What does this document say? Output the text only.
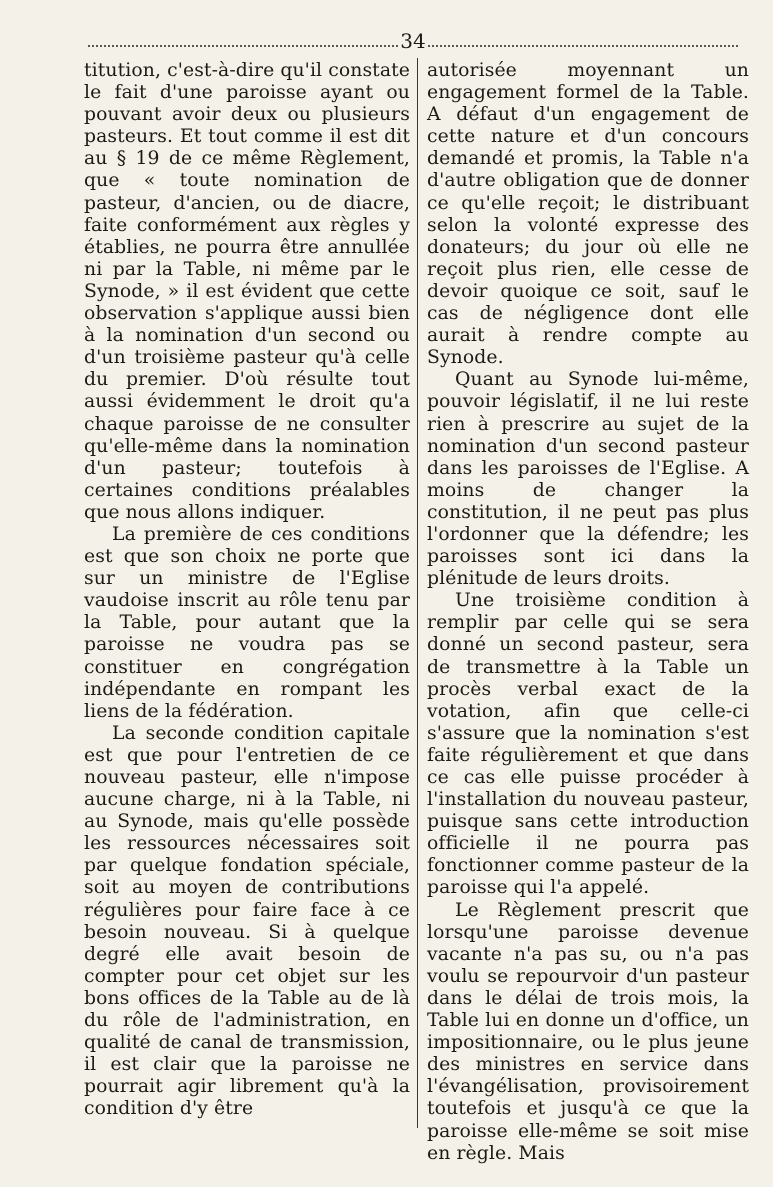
34

titution, c'est-à-dire qu'il constate le fait d'une paroisse ayant ou pouvant avoir deux ou plusieurs pasteurs. Et tout comme il est dit au § 19 de ce même Règlement, que « toute nomination de pasteur, d'ancien, ou de diacre, faite conformément aux règles y établies, ne pourra être annullée ni par la Table, ni même par le Synode, » il est évident que cette observation s'applique aussi bien à la nomination d'un second ou d'un troisième pasteur qu'à celle du premier. D'où résulte tout aussi évidemment le droit qu'a chaque paroisse de ne consulter qu'elle-même dans la nomination d'un pasteur; toutefois à certaines conditions préalables que nous allons indiquer.

La première de ces conditions est que son choix ne porte que sur un ministre de l'Eglise vaudoise inscrit au rôle tenu par la Table, pour autant que la paroisse ne voudra pas se constituer en congrégation indépendante en rompant les liens de la fédération.

La seconde condition capitale est que pour l'entretien de ce nouveau pasteur, elle n'impose aucune charge, ni à la Table, ni au Synode, mais qu'elle possède les ressources nécessaires soit par quelque fondation spéciale, soit au moyen de contributions régulières pour faire face à ce besoin nouveau. Si à quelque degré elle avait besoin de compter pour cet objet sur les bons offices de la Table au de là du rôle de l'administration, en qualité de canal de transmission, il est clair que la paroisse ne pourrait agir librement qu'à la condition d'y être

autorisée moyennant un engagement formel de la Table. A défaut d'un engagement de cette nature et d'un concours demandé et promis, la Table n'a d'autre obligation que de donner ce qu'elle reçoit; le distribuant selon la volonté expresse des donateurs; du jour où elle ne reçoit plus rien, elle cesse de devoir quoique ce soit, sauf le cas de négligence dont elle aurait à rendre compte au Synode.

Quant au Synode lui-même, pouvoir législatif, il ne lui reste rien à prescrire au sujet de la nomination d'un second pasteur dans les paroisses de l'Eglise. A moins de changer la constitution, il ne peut pas plus l'ordonner que la défendre; les paroisses sont ici dans la plénitude de leurs droits.

Une troisième condition à remplir par celle qui se sera donné un second pasteur, sera de transmettre à la Table un procès verbal exact de la votation, afin que celle-ci s'assure que la nomination s'est faite régulièrement et que dans ce cas elle puisse procéder à l'installation du nouveau pasteur, puisque sans cette introduction officielle il ne pourra pas fonctionner comme pasteur de la paroisse qui l'a appelé.

Le Règlement prescrit que lorsqu'une paroisse devenue vacante n'a pas su, ou n'a pas voulu se repourvoir d'un pasteur dans le délai de trois mois, la Table lui en donne un d'office, un impositionnaire, ou le plus jeune des ministres en service dans l'évangélisation, provisoirement toutefois et jusqu'à ce que la paroisse elle-même se soit mise en règle. Mais
